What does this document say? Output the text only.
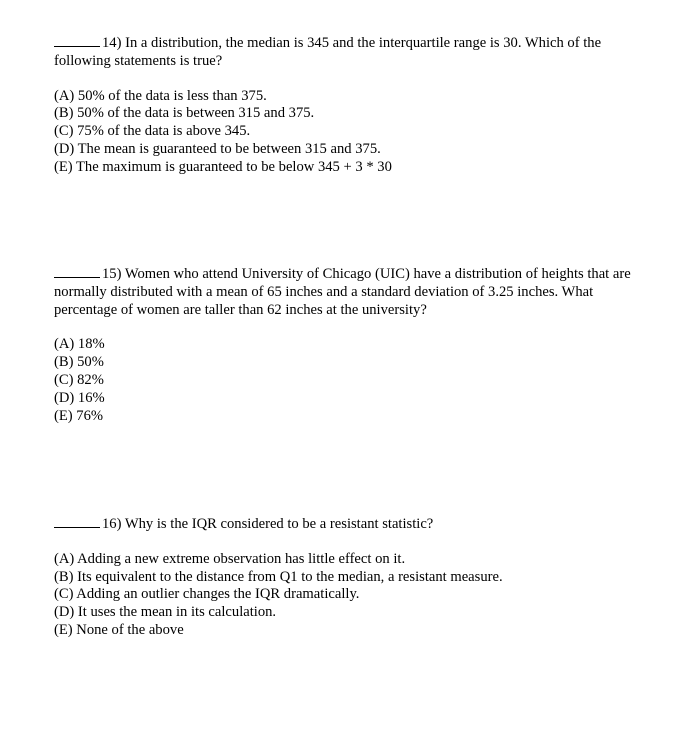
14) In a distribution, the median is 345 and the interquartile range is 30. Which of the following statements is true?

(A) 50% of the data is less than 375.
(B) 50% of the data is between 315 and 375.
(C) 75% of the data is above 345.
(D) The mean is guaranteed to be between 315 and 375.
(E) The maximum is guaranteed to be below 345 + 3 * 30

15) Women who attend University of Chicago (UIC) have a distribution of heights that are normally distributed with a mean of 65 inches and a standard deviation of 3.25 inches. What percentage of women are taller than 62 inches at the university?

(A) 18%
(B) 50%
(C) 82%
(D) 16%
(E) 76%

16) Why is the IQR considered to be a resistant statistic?

(A) Adding a new extreme observation has little effect on it.
(B) Its equivalent to the distance from Q1 to the median, a resistant measure.
(C) Adding an outlier changes the IQR dramatically.
(D) It uses the mean in its calculation.
(E) None of the above
